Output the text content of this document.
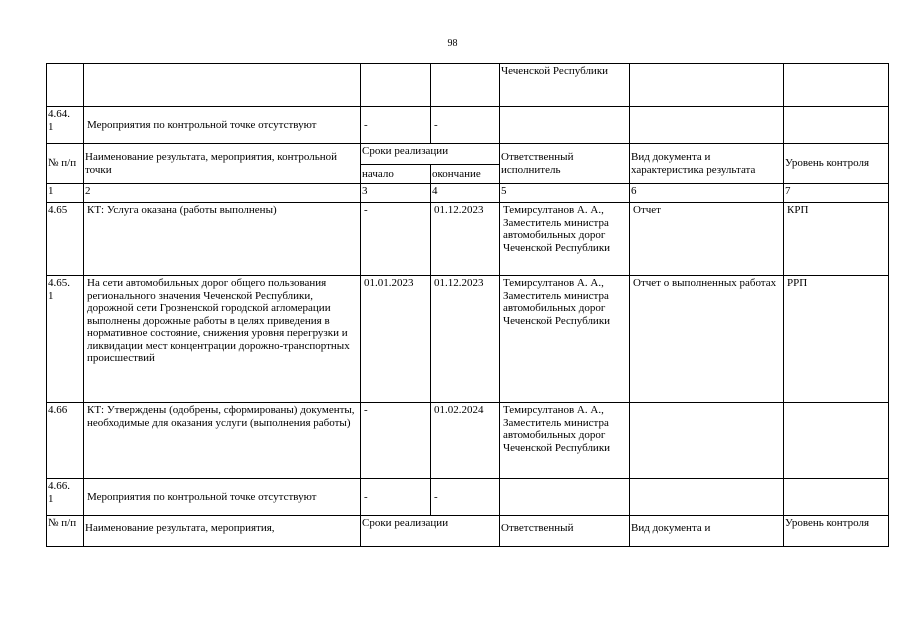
98
				Чеченской Республики		
4.64.
1	Мероприятия по контрольной точке отсутствуют	-	-			
№ п/п	Наименование результата, мероприятия, контрольной точки	Сроки реализации		Ответственный исполнитель	Вид документа и характеристика результата	Уровень контроля
		начало	окончание			
1	2	3	4	5	6	7
4.65	КТ: Услуга оказана (работы выполнены)	-	01.12.2023	Темирсултанов А. А., Заместитель министра автомобильных дорог Чеченской Республики	Отчет	КРП
4.65.
1	На сети автомобильных дорог общего пользования регионального значения Чеченской Республики, дорожной сети Грозненской городской агломерации выполнены дорожные работы в целях приведения в нормативное состояние, снижения уровня перегрузки и ликвидации мест концентрации дорожно-транспортных происшествий	01.01.2023	01.12.2023	Темирсултанов А. А., Заместитель министра автомобильных дорог Чеченской Республики	Отчет о выполненных работах	РРП
4.66	КТ: Утверждены (одобрены, сформированы) документы, необходимые для оказания услуги (выполнения работы)	-	01.02.2024	Темирсултанов А. А., Заместитель министра автомобильных дорог Чеченской Республики		
4.66.
1	Мероприятия по контрольной точке отсутствуют	-	-			
№ п/п	Наименование результата, мероприятия,	Сроки реализации		Ответственный	Вид документа и	Уровень контроля
